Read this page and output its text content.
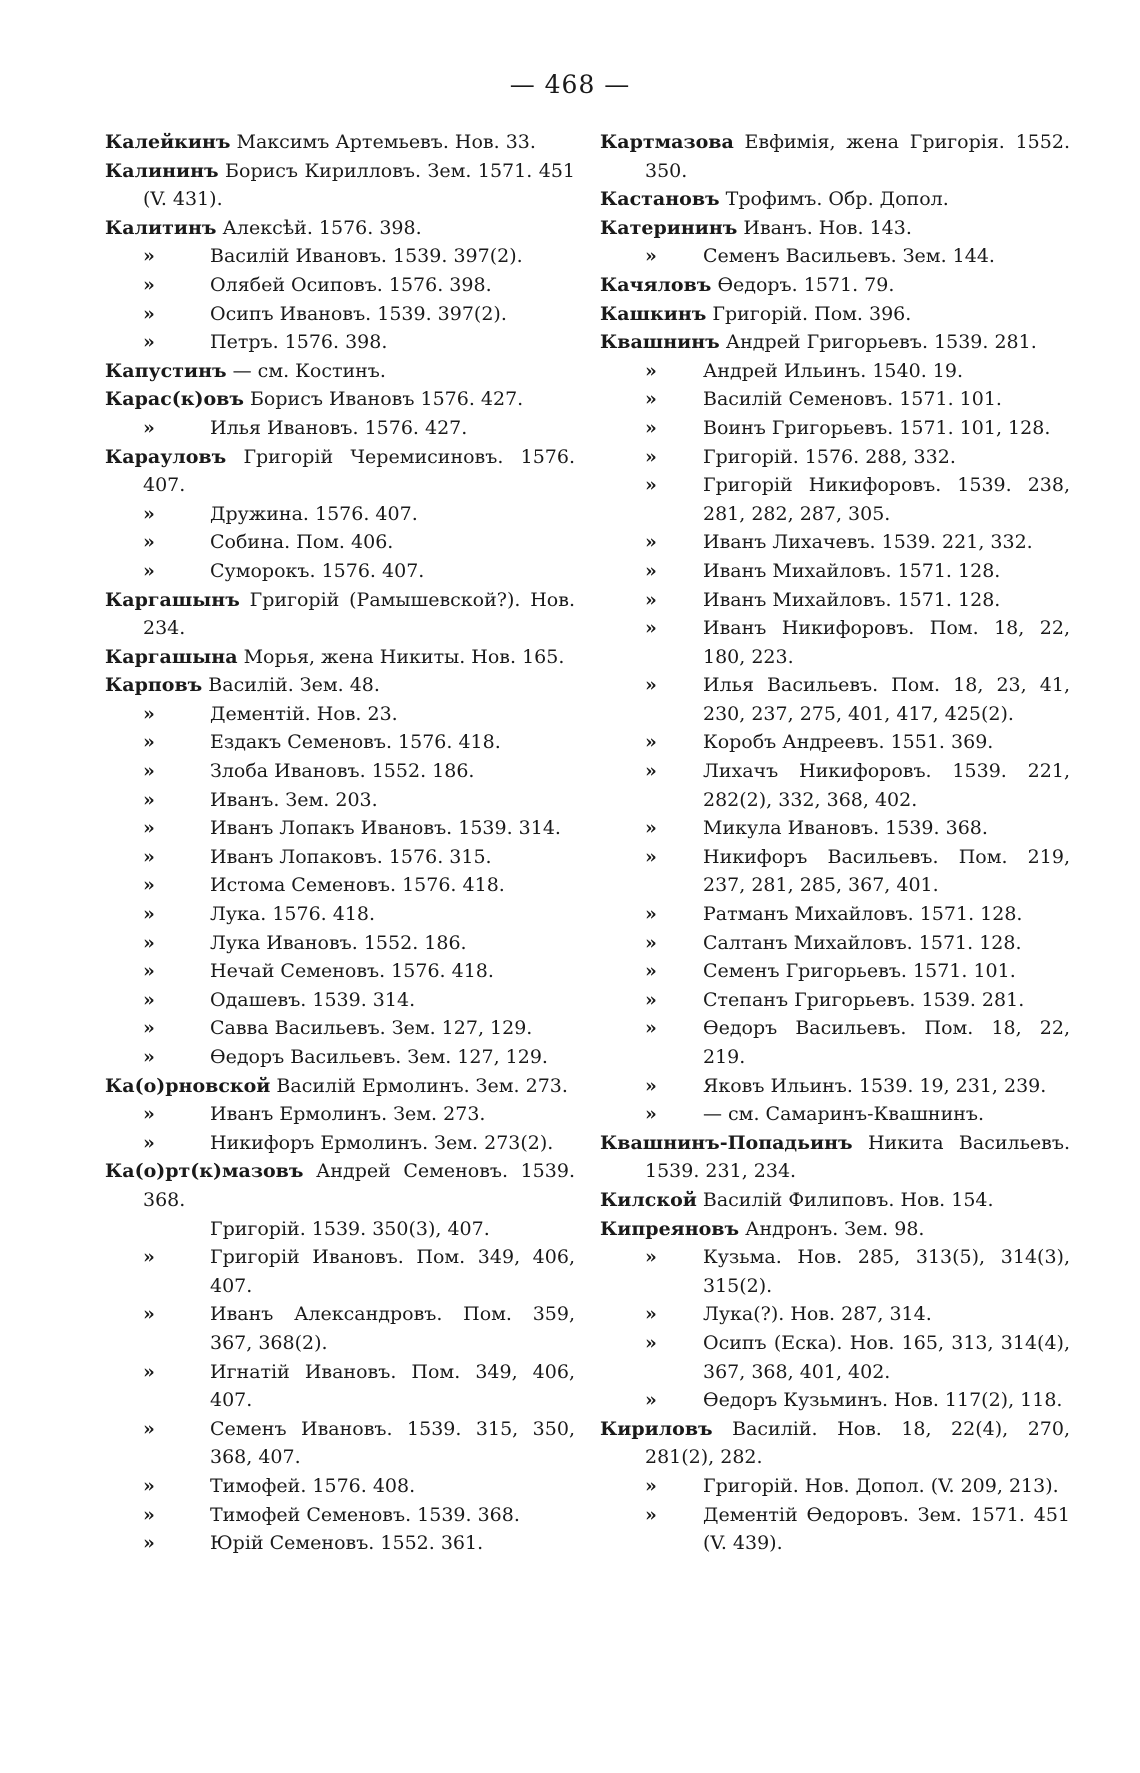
— 468 —
Калейкинъ Максимъ Артемьевъ. Нов. 33.
Калининъ Борисъ Кирилловъ. Зем. 1571. 451 (V. 431).
Калитинъ Алексѣй. 1576. 398.
»	Василій Ивановъ. 1539. 397(2).
»	Олябей Осиповъ. 1576. 398.
»	Осипъ Ивановъ. 1539. 397(2).
»	Петръ. 1576. 398.
Капустинъ — см. Костинъ.
Карас(к)овъ Борисъ Ивановъ 1576. 427.
»	Илья Ивановъ. 1576. 427.
Карауловъ Григорій Черемисиновъ. 1576. 407.
»	Дружина. 1576. 407.
»	Собина. Пом. 406.
»	Суморокъ. 1576. 407.
Каргашынъ Григорій (Рамышевской?). Нов. 234.
Каргашына Морья, жена Никиты. Нов. 165.
Карповъ Василій. Зем. 48.
»	Дементій. Нов. 23.
»	Ездакъ Семеновъ. 1576. 418.
»	Злоба Ивановъ. 1552. 186.
»	Иванъ. Зем. 203.
»	Иванъ Лопакъ Ивановъ. 1539. 314.
»	Иванъ Лопаковъ. 1576. 315.
»	Истома Семеновъ. 1576. 418.
»	Лука. 1576. 418.
»	Лука Ивановъ. 1552. 186.
»	Нечай Семеновъ. 1576. 418.
»	Одашевъ. 1539. 314.
»	Савва Васильевъ. Зем. 127, 129.
»	Өедоръ Васильевъ. Зем. 127, 129.
Ка(о)рновской Василій Ермолинъ. Зем. 273.
»	Иванъ Ермолинъ. Зем. 273.
»	Никифоръ Ермолинъ. Зем. 273(2).
Ка(о)рт(к)мазовъ Андрей Семеновъ. 1539. 368.
Григорій. 1539. 350(3), 407.
»	Григорій Ивановъ. Пом. 349, 406, 407.
»	Иванъ Александровъ. Пом. 359, 367, 368(2).
»	Игнатій Ивановъ. Пом. 349, 406, 407.
»	Семенъ Ивановъ. 1539. 315, 350, 368, 407.
»	Тимофей. 1576. 408.
»	Тимофей Семеновъ. 1539. 368.
»	Юрій Семеновъ. 1552. 361.
Картмазова Евфимія, жена Григорія. 1552. 350.
Кастановъ Трофимъ. Обр. Допол.
Катерининъ Иванъ. Нов. 143.
» Семенъ Васильевъ. Зем. 144.
Качяловъ Өедоръ. 1571. 79.
Кашкинъ Григорій. Пом. 396.
Квашнинъ Андрей Григорьевъ. 1539. 281.
» Андрей Ильинъ. 1540. 19.
» Василій Семеновъ. 1571. 101.
» Воинъ Григорьевъ. 1571. 101, 128.
» Григорій. 1576. 288, 332.
» Григорій Никифоровъ. 1539. 238, 281, 282, 287, 305.
» Иванъ Лихачевъ. 1539. 221, 332.
» Иванъ Михайловъ. 1571. 128.
» Иванъ Михайловъ. 1571. 128.
» Иванъ Никифоровъ. Пом. 18, 22, 180, 223.
» Илья Васильевъ. Пом. 18, 23, 41, 230, 237, 275, 401, 417, 425(2).
» Коробъ Андреевъ. 1551. 369.
» Лихачъ Никифоровъ. 1539. 221, 282(2), 332, 368, 402.
» Микула Ивановъ. 1539. 368.
» Никифоръ Васильевъ. Пом. 219, 237, 281, 285, 367, 401.
» Ратманъ Михайловъ. 1571. 128.
» Салтанъ Михайловъ. 1571. 128.
» Семенъ Григорьевъ. 1571. 101.
» Степанъ Григорьевъ. 1539. 281.
» Өедоръ Васильевъ. Пом. 18, 22, 219.
» Яковъ Ильинъ. 1539. 19, 231, 239.
» — см. Самаринъ-Квашнинъ.
Квашнинъ-Попадьинъ Никита Васильевъ. 1539. 231, 234.
Килской Василій Филиповъ. Нов. 154.
Кипреяновъ Андронъ. Зем. 98.
» Кузьма. Нов. 285, 313(5), 314(3), 315(2).
» Лука(?). Нов. 287, 314.
» Осипъ (Еска). Нов. 165, 313, 314(4), 367, 368, 401, 402.
» Өедоръ Кузьминъ. Нов. 117(2), 118.
Кириловъ Василій. Нов. 18, 22(4), 270, 281(2), 282.
» Григорій. Нов. Допол. (V. 209, 213).
» Дементій Өедоровъ. Зем. 1571. 451 (V. 439).
